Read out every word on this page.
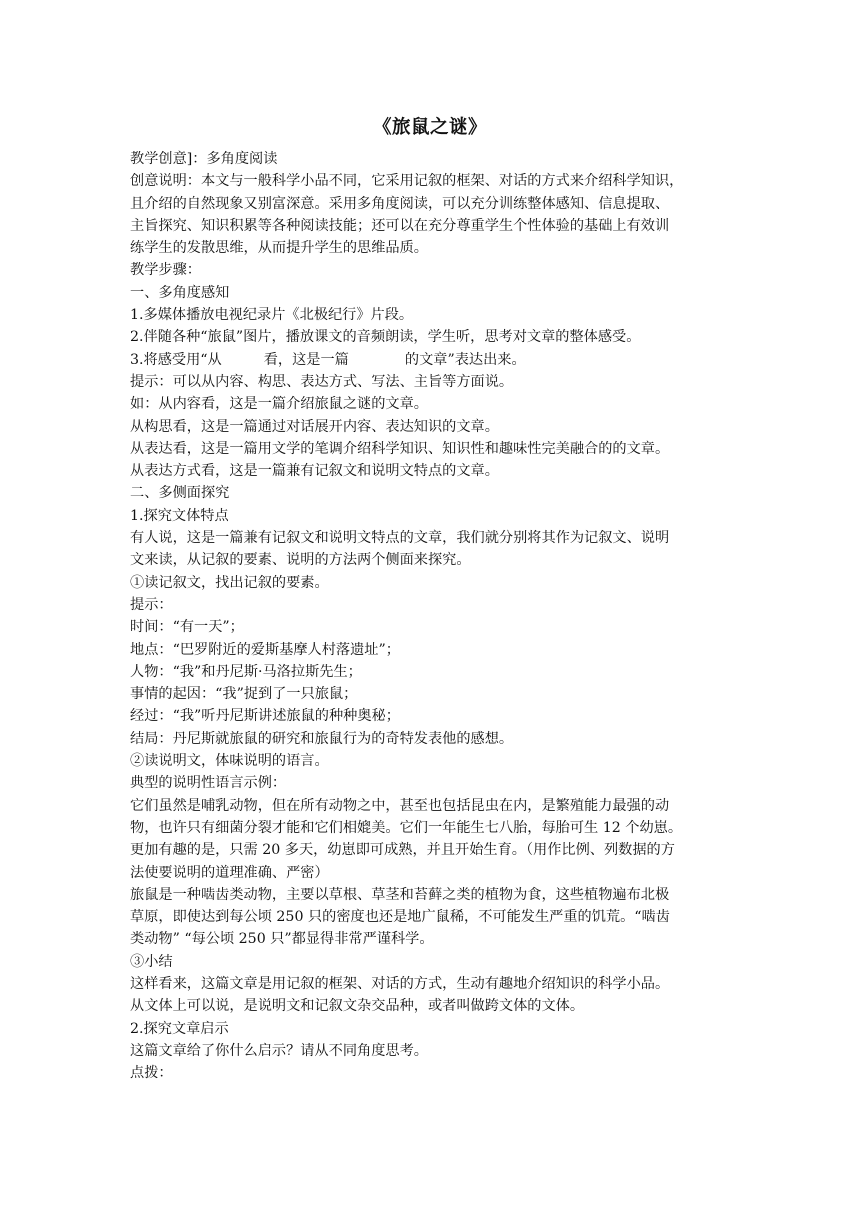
《旅鼠之谜》

教学创意]：多角度阅读

创意说明：本文与一般科学小品不同，它采用记叙的框架、对话的方式来介绍科学知识，

且介绍的自然现象又别富深意。采用多角度阅读，可以充分训练整体感知、信息提取、

主旨探究、知识积累等各种阅读技能；还可以在充分尊重学生个性体验的基础上有效训

练学生的发散思维，从而提升学生的思维品质。

教学步骤：

一、多角度感知

1.多媒体播放电视纪录片《北极纪行》片段。

2.伴随各种“旅鼠”图片，播放课文的音频朗读，学生听，思考对文章的整体感受。

3.将感受用“从	看，这是一篇	的文章”表达出来。

提示：可以从内容、构思、表达方式、写法、主旨等方面说。

如：从内容看，这是一篇介绍旅鼠之谜的文章。

从构思看，这是一篇通过对话展开内容、表达知识的文章。

从表达看，这是一篇用文学的笔调介绍科学知识、知识性和趣味性完美融合的的文章。

从表达方式看，这是一篇兼有记叙文和说明文特点的文章。

二、多侧面探究

1.探究文体特点

有人说，这是一篇兼有记叙文和说明文特点的文章，我们就分别将其作为记叙文、说明

文来读，从记叙的要素、说明的方法两个侧面来探究。

①读记叙文，找出记叙的要素。

提示：

时间：“有一天”；

地点：“巴罗附近的爱斯基摩人村落遗址”；

人物：“我”和丹尼斯·马洛拉斯先生；

事情的起因：“我”捉到了一只旅鼠；

经过：“我”听丹尼斯讲述旅鼠的种种奥秘；

结局：丹尼斯就旅鼠的研究和旅鼠行为的奇特发表他的感想。

②读说明文，体味说明的语言。

典型的说明性语言示例：

它们虽然是哺乳动物，但在所有动物之中，甚至也包括昆虫在内，是繁殖能力最强的动

物，也许只有细菌分裂才能和它们相媲美。它们一年能生七八胎，每胎可生 12 个幼崽。

更加有趣的是，只需 20 多天，幼崽即可成熟，并且开始生育。（用作比例、列数据的方

法使要说明的道理准确、严密）

旅鼠是一种啮齿类动物，主要以草根、草茎和苔藓之类的植物为食，这些植物遍布北极

草原，即使达到每公顷 250 只的密度也还是地广鼠稀，不可能发生严重的饥荒。“啮齿

类动物” “每公顷 250 只”都显得非常严谨科学。

③小结

这样看来，这篇文章是用记叙的框架、对话的方式，生动有趣地介绍知识的科学小品。

从文体上可以说，是说明文和记叙文杂交品种，或者叫做跨文体的文体。

2.探究文章启示

这篇文章给了你什么启示？请从不同角度思考。

点拨：
